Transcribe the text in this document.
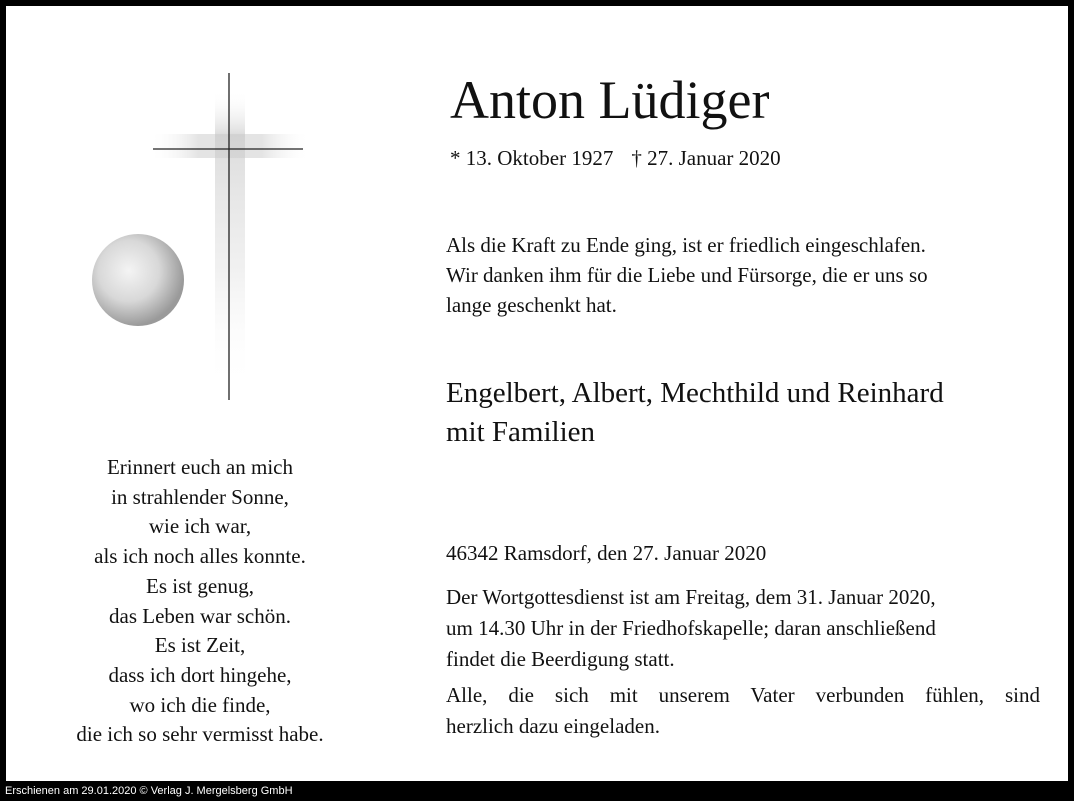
Erinnert euch an mich
in strahlender Sonne,
wie ich war,
als ich noch alles konnte.
Es ist genug,
das Leben war schön.
Es ist Zeit,
dass ich dort hingehe,
wo ich die finde,
die ich so sehr vermisst habe.
Anton Lüdiger
* 13. Oktober 1927 † 27. Januar 2020
Als die Kraft zu Ende ging, ist er friedlich eingeschlafen.
Wir danken ihm für die Liebe und Fürsorge, die er uns so
lange geschenkt hat.
Engelbert, Albert, Mechthild und Reinhard
mit Familien
46342 Ramsdorf, den 27. Januar 2020
Der Wortgottesdienst ist am Freitag, dem 31. Januar 2020,
um 14.30 Uhr in der Friedhofskapelle; daran anschließend
findet die Beerdigung statt.
Alle, die sich mit unserem Vater verbunden fühlen, sind
herzlich dazu eingeladen.
Erschienen am 29.01.2020 © Verlag J. Mergelsberg GmbH
